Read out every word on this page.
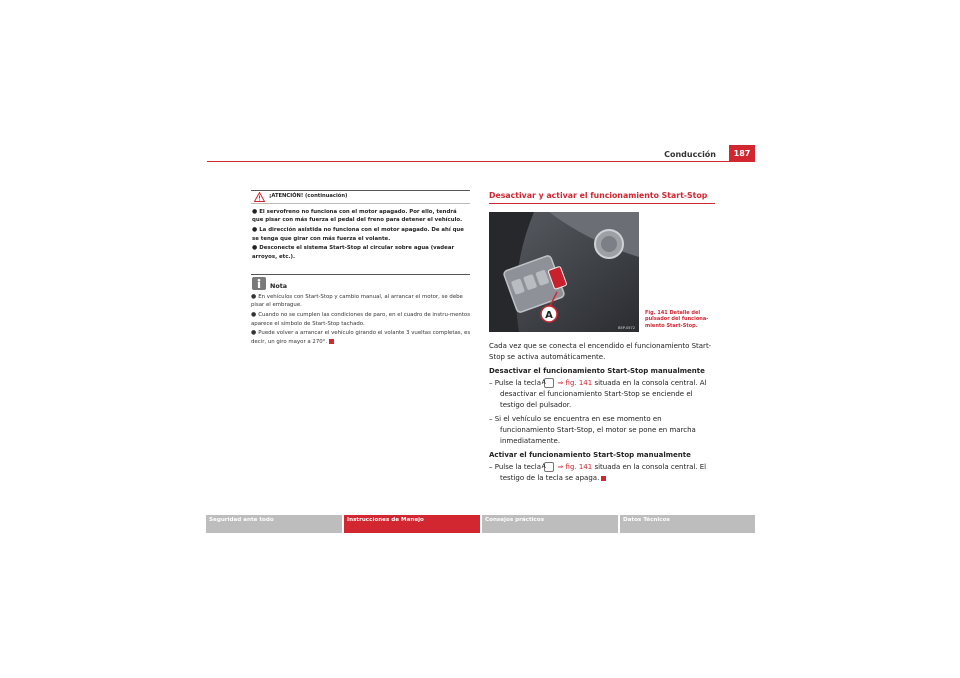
Conducción	187
¡ATENCIÓN! (continuación)
● El servofreno no funciona con el motor apagado. Por ello, tendrá que pisar con más fuerza el pedal del freno para detener el vehículo.
● La dirección asistida no funciona con el motor apagado. De ahí que se tenga que girar con más fuerza el volante.
● Desconecte el sistema Start-Stop al circular sobre agua (vadear arroyos, etc.).
Nota
● En vehículos con Start-Stop y cambio manual, al arrancar el motor, se debe pisar el embrague.
● Cuando no se cumplen las condiciones de paro, en el cuadro de instru-mentos aparece el símbolo de Start-Stop tachado.
● Puede volver a arrancar el vehículo girando el volante 3 vueltas completas, es decir, un giro mayor a 270°.
Desactivar y activar el funcionamiento Start-Stop
A
B5P-0572
Fig. 141 Detalle del pulsador del funciona-miento Start-Stop.

Cada vez que se conecta el encendido el funcionamiento Start-Stop se activa automáticamente.

Desactivar el funcionamiento Start-Stop manualmente

– Pulse la tecla A ⇒ fig. 141 situada en la consola central. Al desactivar el funcionamiento Start-Stop se enciende el testigo del pulsador.

– Si el vehículo se encuentra en ese momento en funcionamiento Start-Stop, el motor se pone en marcha inmediatamente.

Activar el funcionamiento Start-Stop manualmente

– Pulse la tecla A ⇒ fig. 141 situada en la consola central. El testigo de la tecla se apaga.

Seguridad ante todo	Instrucciones de Manejo	Consejos prácticos	Datos Técnicos
